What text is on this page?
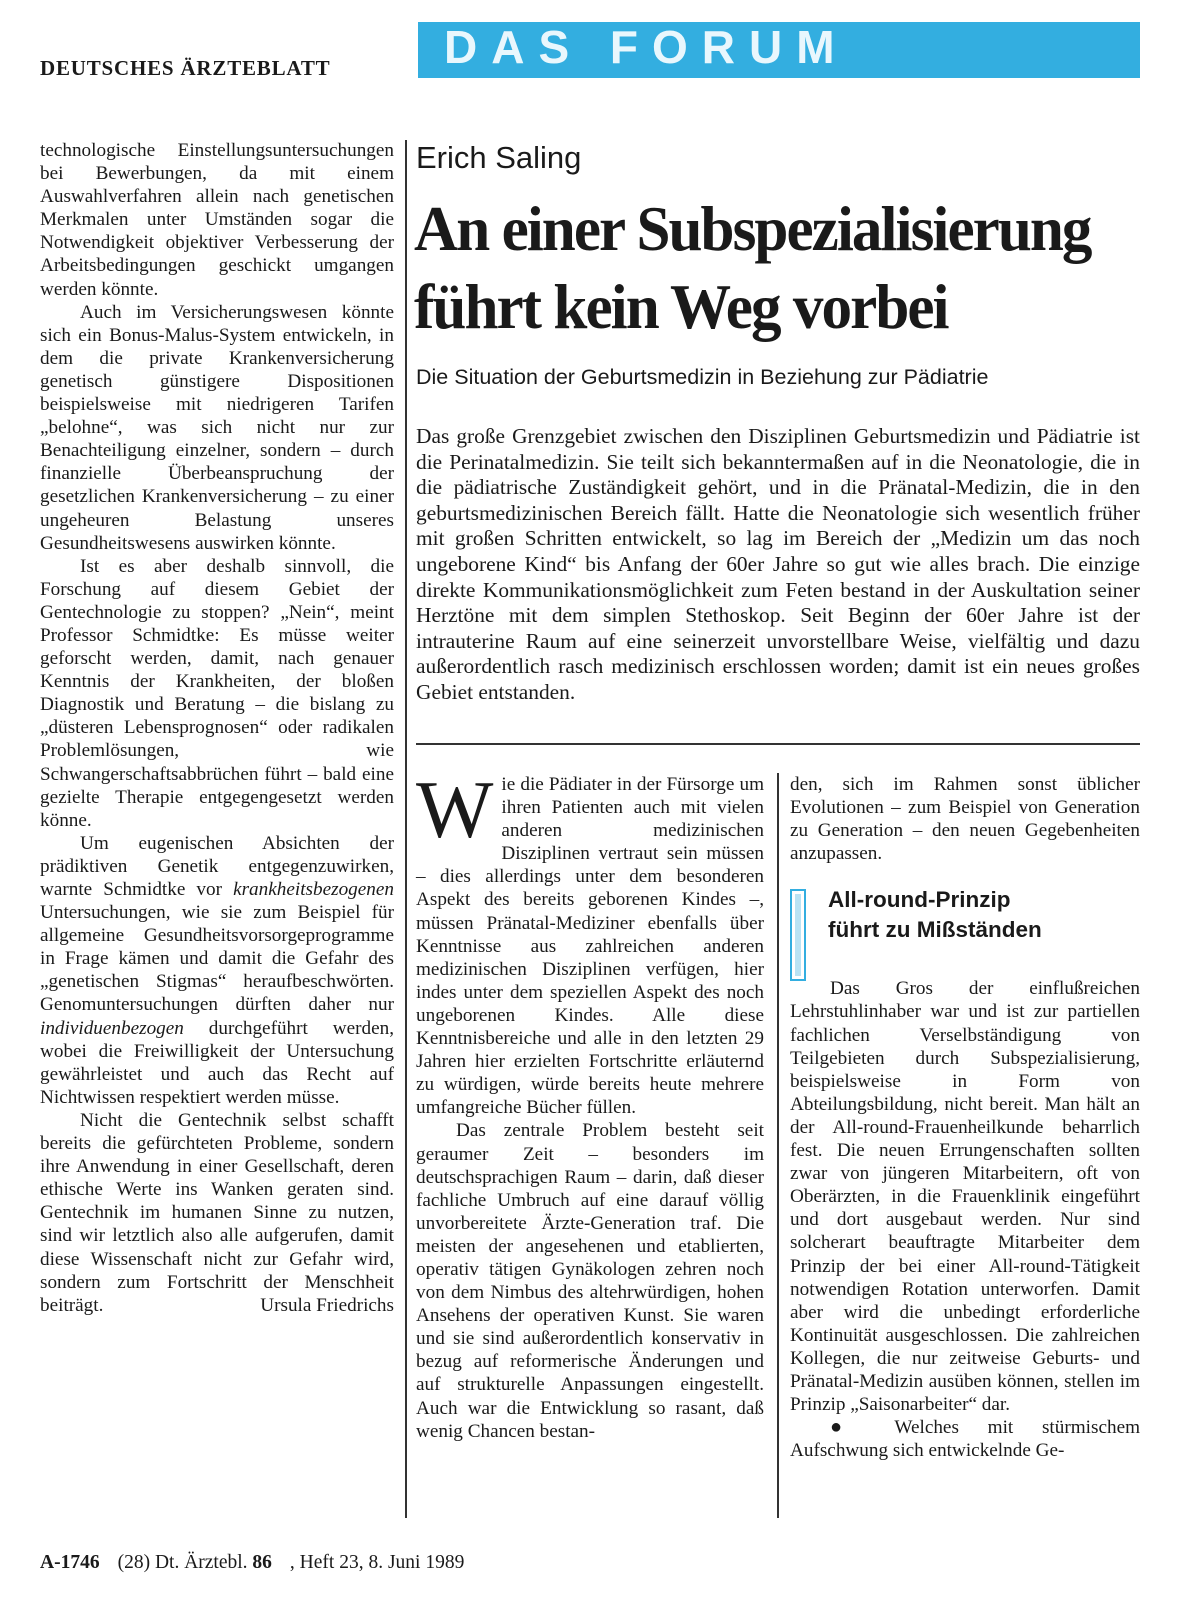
DEUTSCHES ÄRZTEBLATT DAS FORUM

technologische Einstellungsuntersuchungen bei Bewerbungen, da mit einem Auswahlverfahren allein nach genetischen Merkmalen unter Umständen sogar die Notwendigkeit objektiver Verbesserung der Arbeitsbedingungen geschickt umgangen werden könnte.

Auch im Versicherungswesen könnte sich ein Bonus-Malus-System entwickeln, in dem die private Krankenversicherung genetisch günstigere Dispositionen beispielsweise mit niedrigeren Tarifen „belohne“, was sich nicht nur zur Benachteiligung einzelner, sondern – durch finanzielle Überbeanspruchung der gesetzlichen Krankenversicherung – zu einer ungeheuren Belastung unseres Gesundheitswesens auswirken könnte.

Ist es aber deshalb sinnvoll, die Forschung auf diesem Gebiet der Gentechnologie zu stoppen? „Nein“, meint Professor Schmidtke: Es müsse weiter geforscht werden, damit, nach genauer Kenntnis der Krankheiten, der bloßen Diagnostik und Beratung – die bislang zu „düsteren Lebensprognosen“ oder radikalen Problemlösungen, wie Schwangerschaftsabbrüchen führt – bald eine gezielte Therapie entgegengesetzt werden könne.

Um eugenischen Absichten der prädiktiven Genetik entgegenzuwirken, warnte Schmidtke vor krankheitsbezogenen Untersuchungen, wie sie zum Beispiel für allgemeine Gesundheitsvorsorgeprogramme in Frage kämen und damit die Gefahr des „genetischen Stigmas“ heraufbeschwörten. Genomuntersuchungen dürften daher nur individuenbezogen durchgeführt werden, wobei die Freiwilligkeit der Untersuchung gewährleistet und auch das Recht auf Nichtwissen respektiert werden müsse.

Nicht die Gentechnik selbst schafft bereits die gefürchteten Probleme, sondern ihre Anwendung in einer Gesellschaft, deren ethische Werte ins Wanken geraten sind. Gentechnik im humanen Sinne zu nutzen, sind wir letztlich also alle aufgerufen, damit diese Wissenschaft nicht zur Gefahr wird, sondern zum Fortschritt der Menschheit beiträgt.	Ursula Friedrichs

Erich Saling
An einer Subspezialisierung
führt kein Weg vorbei
Die Situation der Geburtsmedizin in Beziehung zur Pädiatrie
Das große Grenzgebiet zwischen den Disziplinen Geburtsmedizin und Pädiatrie ist die Perinatalmedizin. Sie teilt sich bekanntermaßen auf in die Neonatologie, die in die pädiatrische Zuständigkeit gehört, und in die Pränatal-Medizin, die in den geburtsmedizinischen Bereich fällt. Hatte die Neonatologie sich wesentlich früher mit großen Schritten entwickelt, so lag im Bereich der „Medizin um das noch ungeborene Kind“ bis Anfang der 60er Jahre so gut wie alles brach. Die einzige direkte Kommunikationsmöglichkeit zum Feten bestand in der Auskultation seiner Herztöne mit dem simplen Stethoskop. Seit Beginn der 60er Jahre ist der intrauterine Raum auf eine seinerzeit unvorstellbare Weise, vielfältig und dazu außerordentlich rasch medizinisch erschlossen worden; damit ist ein neues großes Gebiet entstanden.

Wie die Pädiater in der Fürsorge um ihren Patienten auch mit vielen anderen medizinischen Disziplinen vertraut sein müssen – dies allerdings unter dem besonderen Aspekt des bereits geborenen Kindes –, müssen Pränatal-Mediziner ebenfalls über Kenntnisse aus zahlreichen anderen medizinischen Disziplinen verfügen, hier indes unter dem speziellen Aspekt des noch ungeborenen Kindes. Alle diese Kenntnisbereiche und alle in den letzten 29 Jahren hier erzielten Fortschritte erläuternd zu würdigen, würde bereits heute mehrere umfangreiche Bücher füllen.

Das zentrale Problem besteht seit geraumer Zeit – besonders im deutschsprachigen Raum – darin, daß dieser fachliche Umbruch auf eine darauf völlig unvorbereitete Ärzte-Generation traf. Die meisten der angesehenen und etablierten, operativ tätigen Gynäkologen zehren noch von dem Nimbus des altehrwürdigen, hohen Ansehens der operativen Kunst. Sie waren und sie sind außerordentlich konservativ in bezug auf reformerische Änderungen und auf strukturelle Anpassungen eingestellt. Auch war die Entwicklung so rasant, daß wenig Chancen bestan-

den, sich im Rahmen sonst üblicher Evolutionen – zum Beispiel von Generation zu Generation – den neuen Gegebenheiten anzupassen.

All-round-Prinzip
führt zu Mißständen

Das Gros der einflußreichen Lehrstuhlinhaber war und ist zur partiellen fachlichen Verselbständigung von Teilgebieten durch Subspezialisierung, beispielsweise in Form von Abteilungsbildung, nicht bereit. Man hält an der All-round-Frauenheilkunde beharrlich fest. Die neuen Errungenschaften sollten zwar von jüngeren Mitarbeitern, oft von Oberärzten, in die Frauenklinik eingeführt und dort ausgebaut werden. Nur sind solcherart beauftragte Mitarbeiter dem Prinzip der bei einer All-round-Tätigkeit notwendigen Rotation unterworfen. Damit aber wird die unbedingt erforderliche Kontinuität ausgeschlossen. Die zahlreichen Kollegen, die nur zeitweise Geburts- und Pränatal-Medizin ausüben können, stellen im Prinzip „Saisonarbeiter“ dar.

● Welches mit stürmischem Aufschwung sich entwickelnde Ge-

A-1746 (28) Dt. Ärztebl. 86 , Heft 23, 8. Juni 1989
